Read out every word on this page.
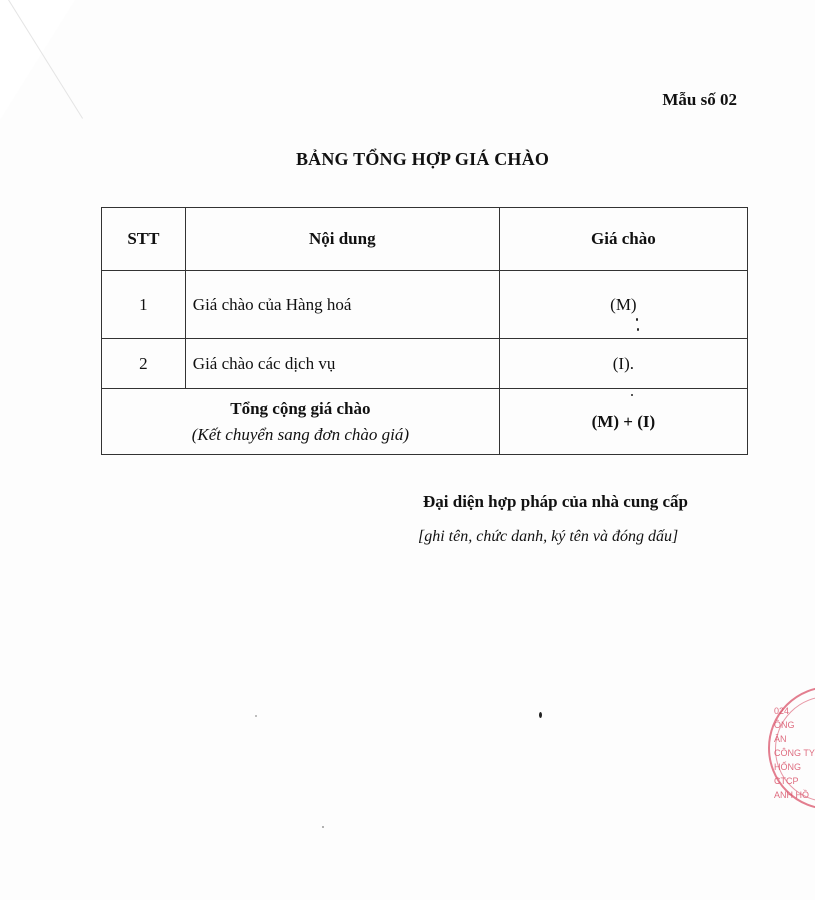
Mẫu số 02
BẢNG TỔNG HỢP GIÁ CHÀO
STT	Nội dung	Giá chào
1	Giá chào của Hàng hoá	(M)
2	Giá chào các dịch vụ	(I).

Tổng cộng giá chào
(Kết chuyển sang đơn chào giá)		(M) + (I)
Đại diện hợp pháp của nhà cung cấp
[ghi tên, chức danh, ký tên và đóng dấu]
024
ÔNG
ÂN
CÔNG TY
HỐNG
CTCP
ANH HỒ
